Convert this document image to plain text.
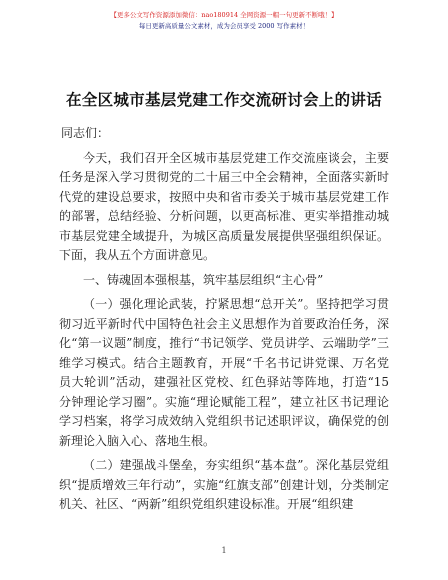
【更多公文写作资源添加微信：nao180914 全网资源一帽一句更新不断哦！】
每日更新高质量公文素材，成为会员享受 2000 写作素材！
在全区城市基层党建工作交流研讨会上的讲话

同志们：

今天，我们召开全区城市基层党建工作交流座谈会，主要任务是深入学习贯彻党的二十届三中全会精神，全面落实新时代党的建设总要求，按照中央和省市委关于城市基层党建工作的部署，总结经验、分析问题，以更高标准、更实举措推动城市基层党建全域提升，为城区高质量发展提供坚强组织保证。下面，我从五个方面讲意见。

一、铸魂固本强根基，筑牢基层组织“主心骨”

（一）强化理论武装，拧紧思想“总开关”。坚持把学习贯彻习近平新时代中国特色社会主义思想作为首要政治任务，深化“第一议题”制度，推行“书记领学、党员讲学、云端助学”三维学习模式。结合主题教育，开展“千名书记讲党课、万名党员大轮训”活动，建强社区党校、红色驿站等阵地，打造“15 分钟理论学习圈”。实施“理论赋能工程”，建立社区书记理论学习档案，将学习成效纳入党组织书记述职评议，确保党的创新理论入脑入心、落地生根。

（二）建强战斗堡垒，夯实组织“基本盘”。深化基层党组织“提质增效三年行动”，实施“红旗支部”创建计划，分类制定机关、社区、“两新”组织党组织建设标准。开展“组织建

1
